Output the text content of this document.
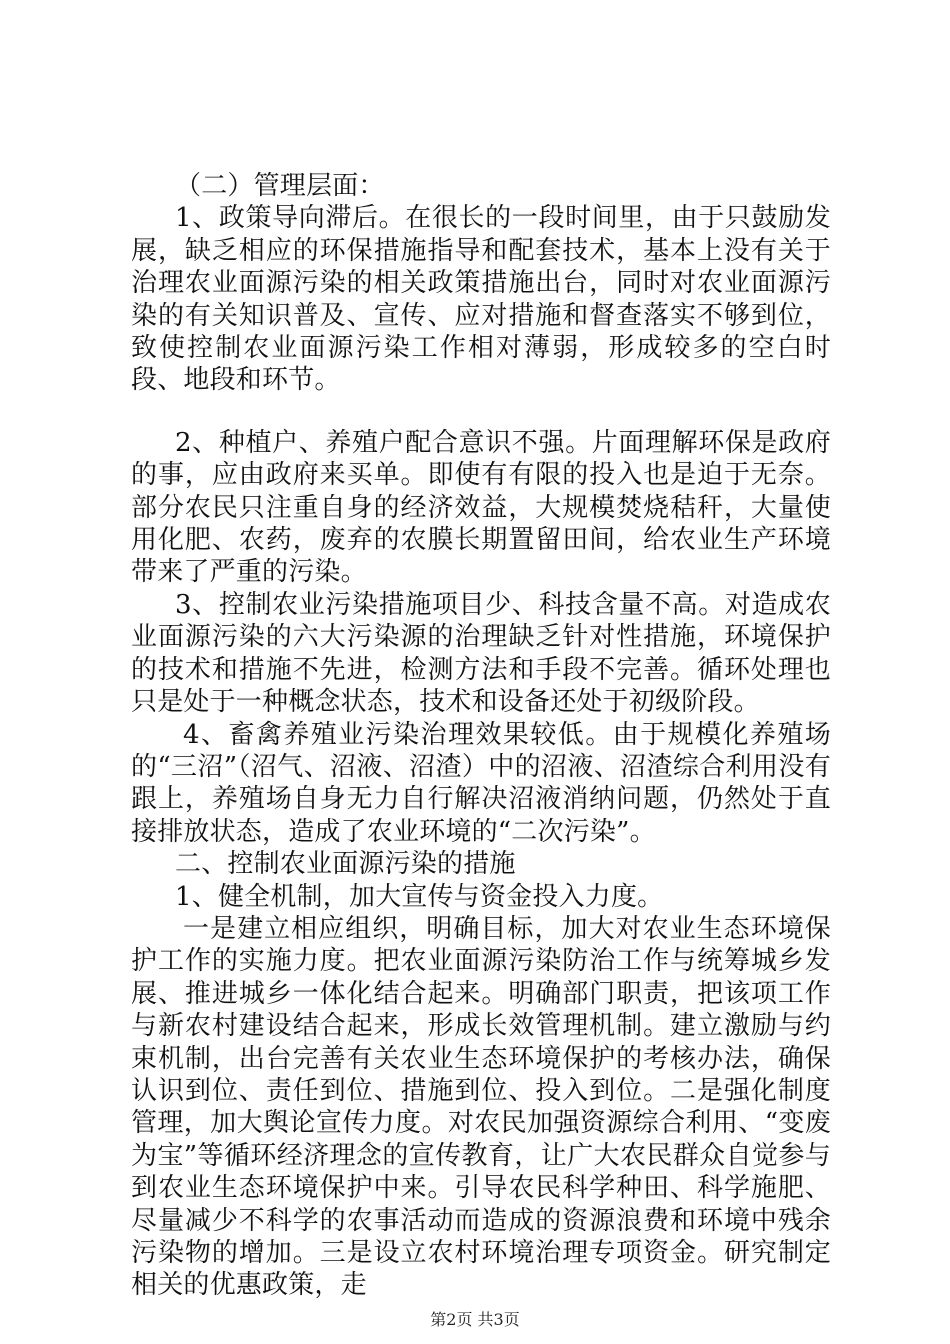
（二）管理层面：

1、政策导向滞后。在很长的一段时间里，由于只鼓励发展，缺乏相应的环保措施指导和配套技术，基本上没有关于治理农业面源污染的相关政策措施出台，同时对农业面源污染的有关知识普及、宣传、应对措施和督查落实不够到位，致使控制农业面源污染工作相对薄弱，形成较多的空白时段、地段和环节。

2、种植户、养殖户配合意识不强。片面理解环保是政府的事，应由政府来买单。即使有有限的投入也是迫于无奈。部分农民只注重自身的经济效益，大规模焚烧秸秆，大量使用化肥、农药，废弃的农膜长期置留田间，给农业生产环境带来了严重的污染。

3、控制农业污染措施项目少、科技含量不高。对造成农业面源污染的六大污染源的治理缺乏针对性措施，环境保护的技术和措施不先进，检测方法和手段不完善。循环处理也只是处于一种概念状态，技术和设备还处于初级阶段。

4、畜禽养殖业污染治理效果较低。由于规模化养殖场的“三沼”（沼气、沼液、沼渣）中的沼液、沼渣综合利用没有跟上，养殖场自身无力自行解决沼液消纳问题，仍然处于直接排放状态，造成了农业环境的“二次污染”。

二、控制农业面源污染的措施

1、健全机制，加大宣传与资金投入力度。

一是建立相应组织，明确目标，加大对农业生态环境保护工作的实施力度。把农业面源污染防治工作与统筹城乡发展、推进城乡一体化结合起来。明确部门职责，把该项工作与新农村建设结合起来，形成长效管理机制。建立激励与约束机制，出台完善有关农业生态环境保护的考核办法，确保认识到位、责任到位、措施到位、投入到位。二是强化制度管理，加大舆论宣传力度。对农民加强资源综合利用、“变废为宝”等循环经济理念的宣传教育，让广大农民群众自觉参与到农业生态环境保护中来。引导农民科学种田、科学施肥、尽量减少不科学的农事活动而造成的资源浪费和环境中残余污染物的增加。三是设立农村环境治理专项资金。研究制定相关的优惠政策，走

第2页 共3页
